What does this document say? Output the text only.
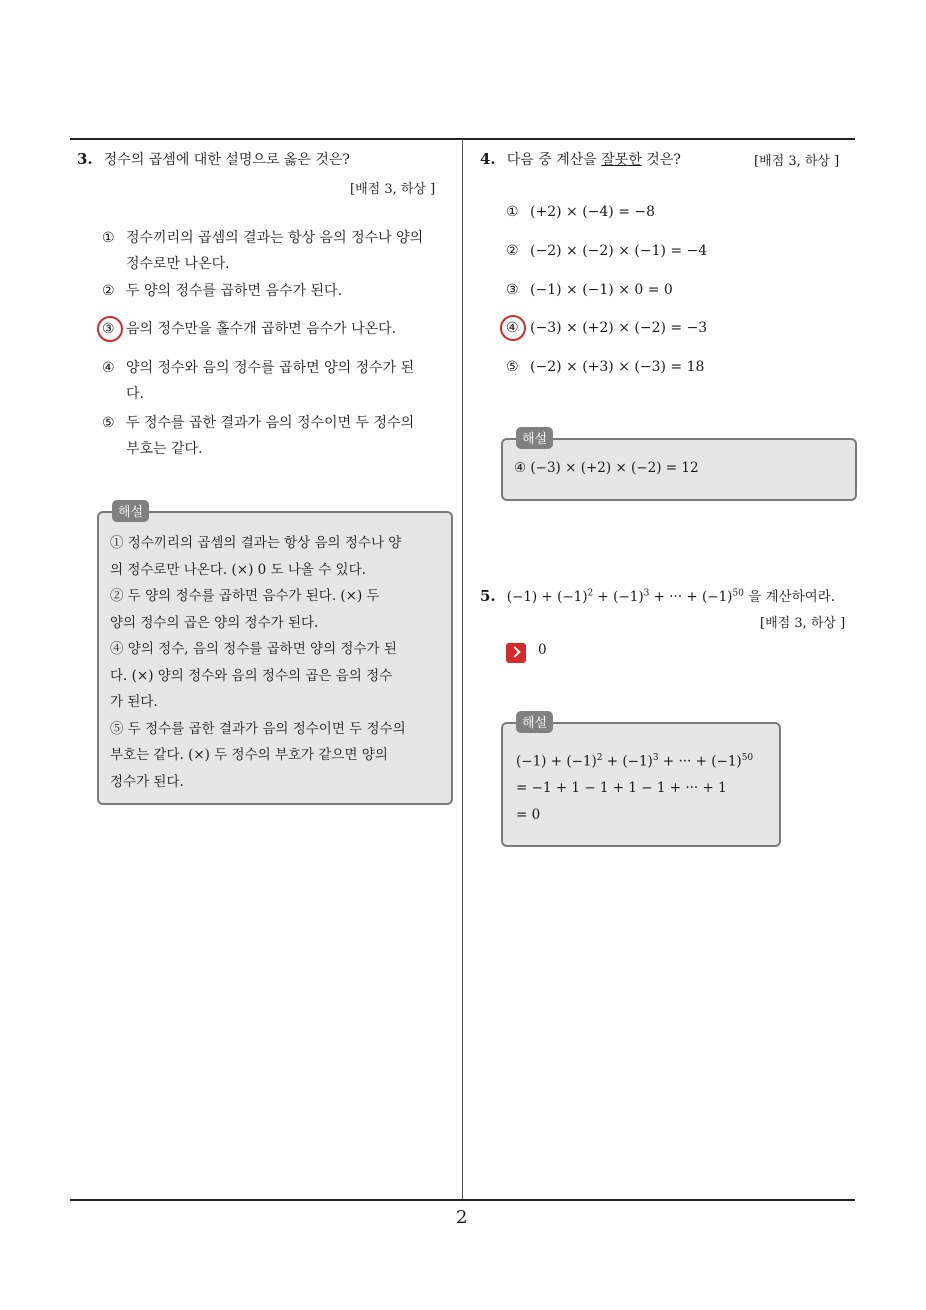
3. 정수의 곱셈에 대한 설명으로 옳은 것은?
[배점 3, 하상 ]
① 정수끼리의 곱셈의 결과는 항상 음의 정수나 양의
정수로만 나온다.
② 두 양의 정수를 곱하면 음수가 된다.
③ 음의 정수만을 홀수개 곱하면 음수가 나온다.
④ 양의 정수와 음의 정수를 곱하면 양의 정수가 된
다.
⑤ 두 정수를 곱한 결과가 음의 정수이면 두 정수의
부호는 같다.
해설
① 정수끼리의 곱셈의 결과는 항상 음의 정수나 양
의 정수로만 나온다. (×) 0 도 나올 수 있다.
② 두 양의 정수를 곱하면 음수가 된다. (×) 두
양의 정수의 곱은 양의 정수가 된다.
④ 양의 정수, 음의 정수를 곱하면 양의 정수가 된
다. (×) 양의 정수와 음의 정수의 곱은 음의 정수
가 된다.
⑤ 두 정수를 곱한 결과가 음의 정수이면 두 정수의
부호는 같다. (×) 두 정수의 부호가 같으면 양의
정수가 된다.
4. 다음 중 계산을 잘못한 것은?	[배점 3, 하상 ]
① (+2) × (−4) = −8
② (−2) × (−2) × (−1) = −4
③ (−1) × (−1) × 0 = 0
④ (−3) × (+2) × (−2) = −3
⑤ (−2) × (+3) × (−3) = 18
해설
④ (−3) × (+2) × (−2) = 12
5. $(-1) + (-1)^2 + (-1)^3$ + ··· + $(-1)^{50}$ 을 계산하여라.
[배점 3, 하상 ]
0
해설
$(-1) + (-1)^2 + (-1)^3$ + ··· + $(-1)^{50}$
= −1 + 1 − 1 + 1 − 1 + ··· + 1
= 0
2
